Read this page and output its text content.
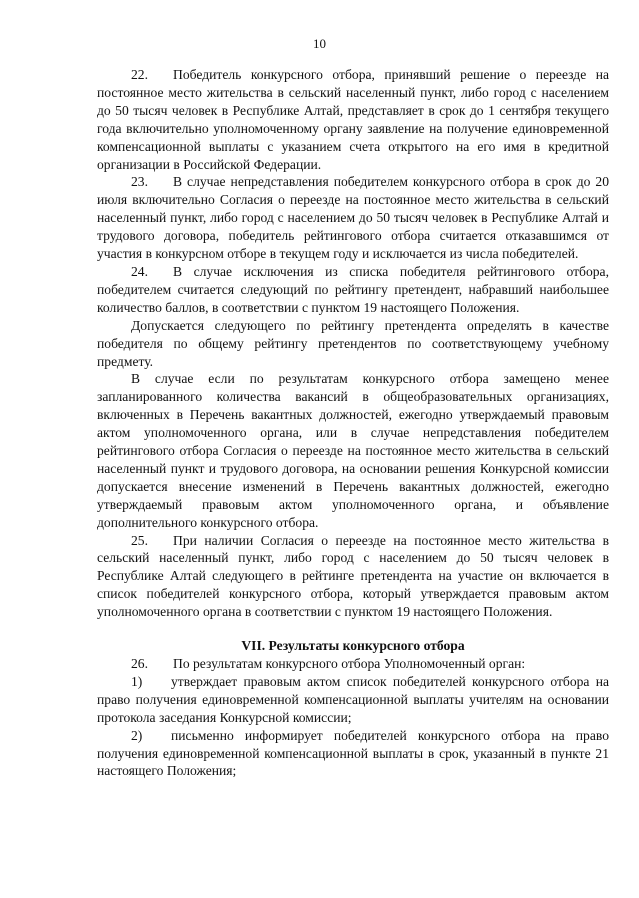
10

22. Победитель конкурсного отбора, принявший решение о переезде на постоянное место жительства в сельский населенный пункт, либо город с населением до 50 тысяч человек в Республике Алтай, представляет в срок до 1 сентября текущего года включительно уполномоченному органу заявление на получение единовременной компенсационной выплаты с указанием счета открытого на его имя в кредитной организации в Российской Федерации.

23. В случае непредставления победителем конкурсного отбора в срок до 20 июля включительно Согласия о переезде на постоянное место жительства в сельский населенный пункт, либо город с населением до 50 тысяч человек в Республике Алтай и трудового договора, победитель рейтингового отбора считается отказавшимся от участия в конкурсном отборе в текущем году и исключается из числа победителей.

24. В случае исключения из списка победителя рейтингового отбора, победителем считается следующий по рейтингу претендент, набравший наибольшее количество баллов, в соответствии с пунктом 19 настоящего Положения.

Допускается следующего по рейтингу претендента определять в качестве победителя по общему рейтингу претендентов по соответствующему учебному предмету.

В случае если по результатам конкурсного отбора замещено менее запланированного количества вакансий в общеобразовательных организациях, включенных в Перечень вакантных должностей, ежегодно утверждаемый правовым актом уполномоченного органа, или в случае непредставления победителем рейтингового отбора Согласия о переезде на постоянное место жительства в сельский населенный пункт и трудового договора, на основании решения Конкурсной комиссии допускается внесение изменений в Перечень вакантных должностей, ежегодно утверждаемый правовым актом уполномоченного органа, и объявление дополнительного конкурсного отбора.

25. При наличии Согласия о переезде на постоянное место жительства в сельский населенный пункт, либо город с населением до 50 тысяч человек в Республике Алтай следующего в рейтинге претендента на участие он включается в список победителей конкурсного отбора, который утверждается правовым актом уполномоченного органа в соответствии с пунктом 19 настоящего Положения.

VII. Результаты конкурсного отбора

26. По результатам конкурсного отбора Уполномоченный орган:

1) утверждает правовым актом список победителей конкурсного отбора на право получения единовременной компенсационной выплаты учителям на основании протокола заседания Конкурсной комиссии;

2) письменно информирует победителей конкурсного отбора на право получения единовременной компенсационной выплаты в срок, указанный в пункте 21 настоящего Положения;
